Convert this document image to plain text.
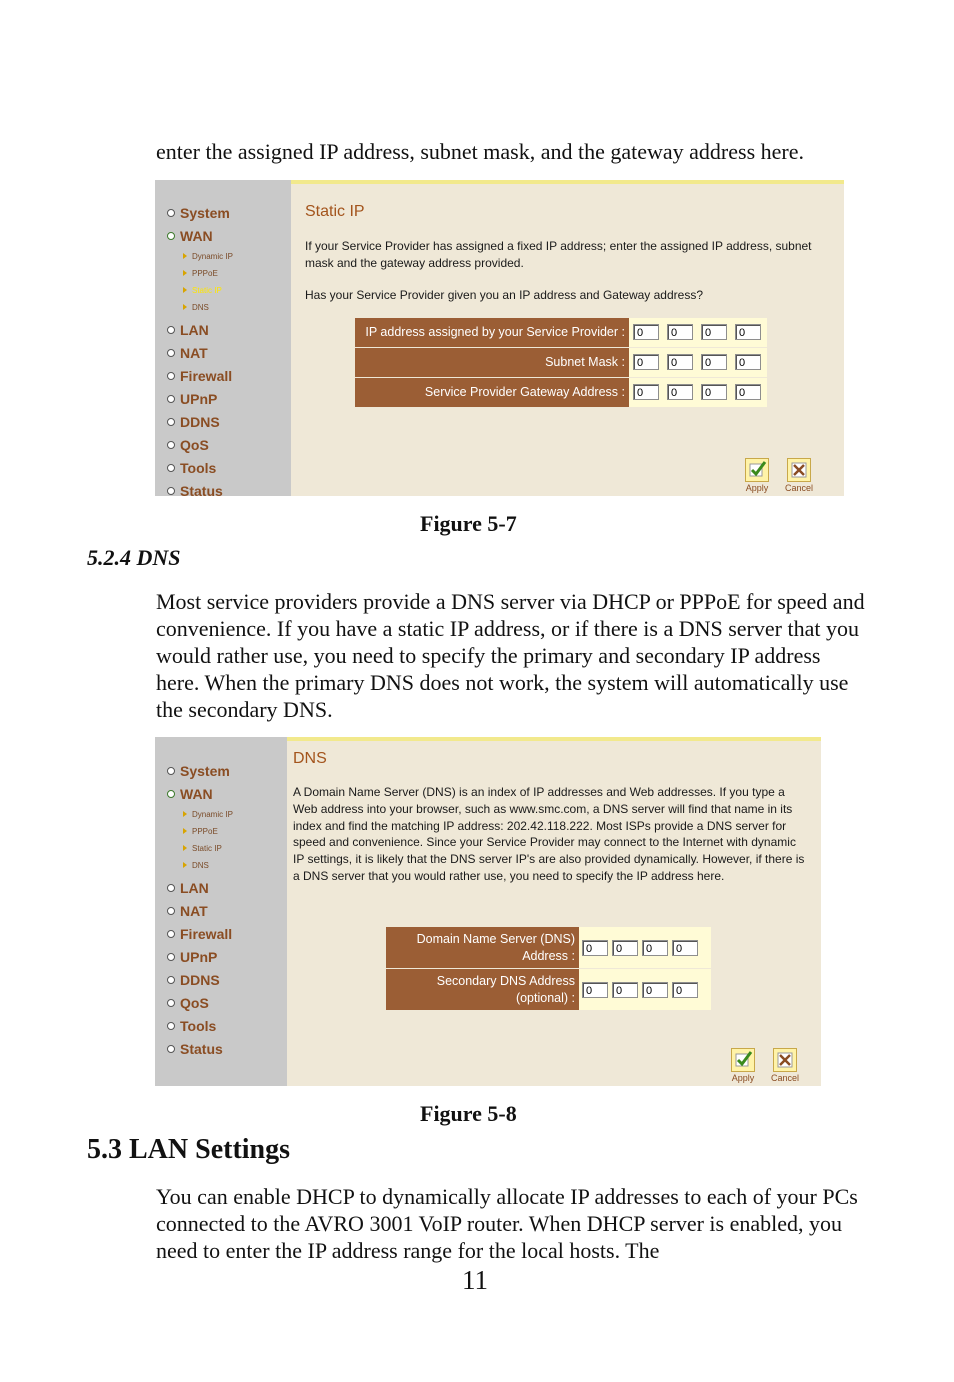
enter the assigned IP address, subnet mask, and the gateway address here.
System
WAN
Dynamic IP
PPPoE
Static IP
DNS
LAN
NAT
Firewall
UPnP
DDNS
QoS
Tools
Status
Static IP
If your Service Provider has assigned a fixed IP address; enter the assigned IP address, subnet mask and the gateway address provided.
Has your Service Provider given you an IP address and Gateway address?
IP address assigned by your Service Provider :	0	0	0	0
Subnet Mask :	0	0	0	0
Service Provider Gateway Address :	0	0	0	0
Apply	Cancel
Figure 5-7
5.2.4 DNS
Most service providers provide a DNS server via DHCP or PPPoE for speed and convenience. If you have a static IP address, or if there is a DNS server that you would rather use, you need to specify the primary and secondary IP address here. When the primary DNS does not work, the system will automatically use the secondary DNS.
System
WAN
Dynamic IP
PPPoE
Static IP
DNS
LAN
NAT
Firewall
UPnP
DDNS
QoS
Tools
Status
DNS
A Domain Name Server (DNS) is an index of IP addresses and Web addresses. If you type a Web address into your browser, such as www.smc.com, a DNS server will find that name in its index and find the matching IP address: 202.42.118.222. Most ISPs provide a DNS server for speed and convenience. Since your Service Provider may connect to the Internet with dynamic IP settings, it is likely that the DNS server IP's are also provided dynamically. However, if there is a DNS server that you would rather use, you need to specify the IP address here.
Domain Name Server (DNS)
Address :	0	0	0	0
Secondary DNS Address
(optional) :	0	0	0	0
Apply	Cancel
Figure 5-8
5.3 LAN Settings
You can enable DHCP to dynamically allocate IP addresses to each of your PCs connected to the AVRO 3001 VoIP router. When DHCP server is enabled, you need to enter the IP address range for the local hosts. The
11
